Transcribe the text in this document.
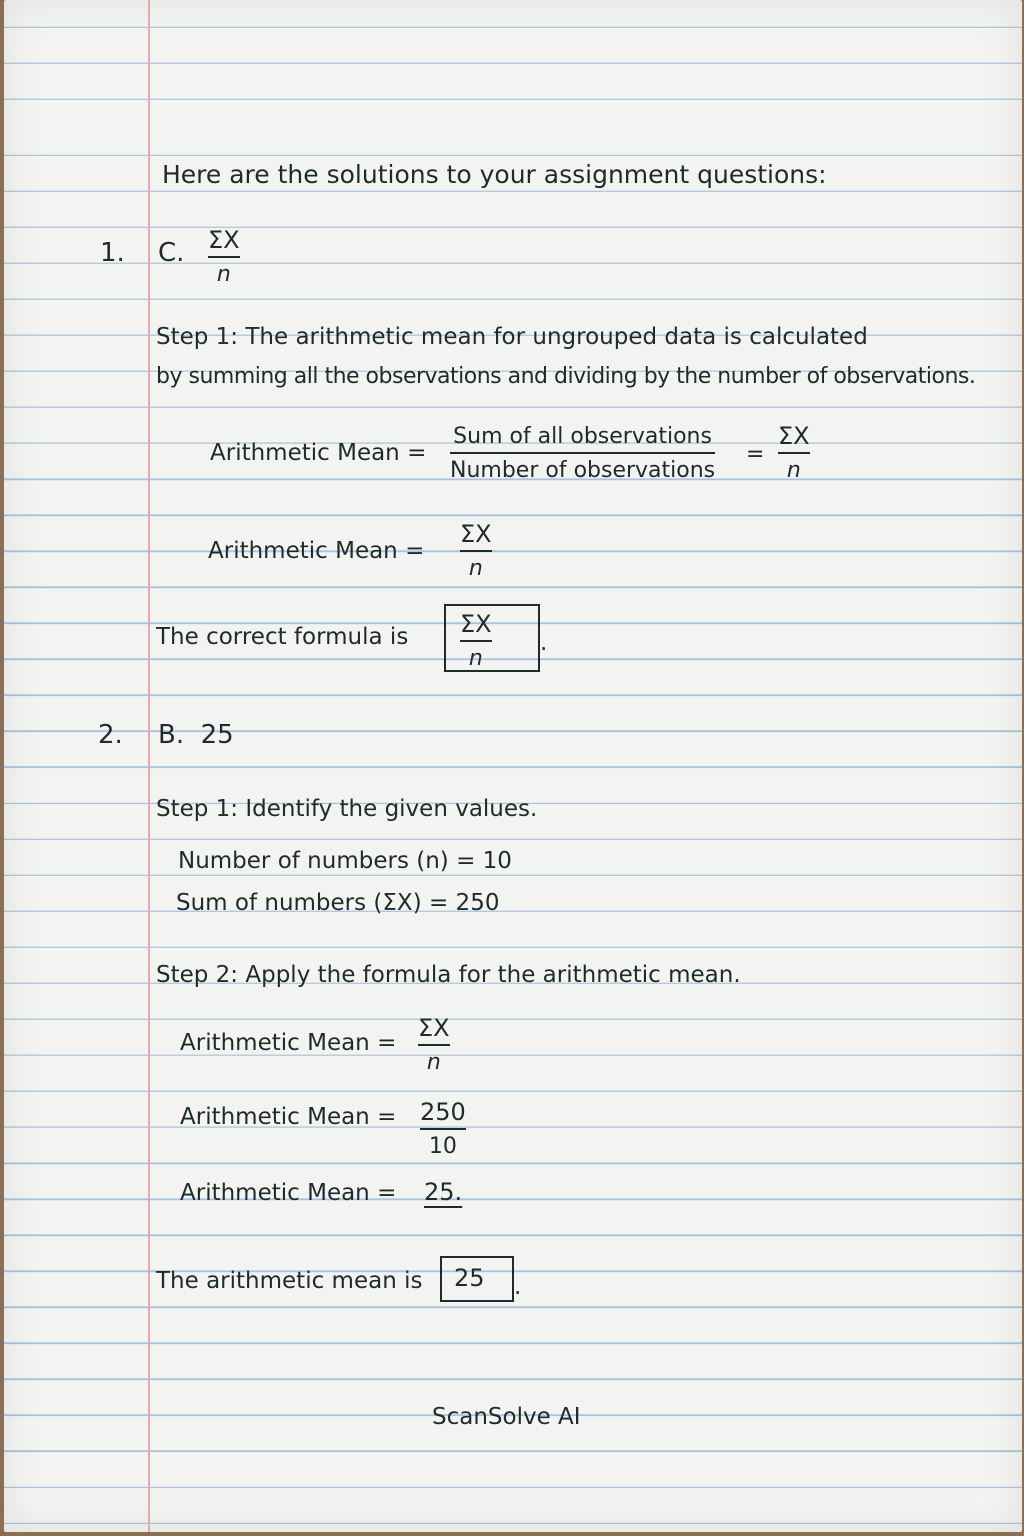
Here are the solutions to your assignment questions:
1. C. ΣX
n
Step 1: The arithmetic mean for ungrouped data is calculated
by summing all the observations and dividing by the number of observations.
Arithmetic Mean =
Sum of all observations
Number of observations
=
ΣX
n
Arithmetic Mean =
ΣX
n
The correct formula is ΣX
n
.
2. B.  25
Step 1: Identify the given values.
Number of numbers (n) = 10
Sum of numbers (ΣX) = 250
Step 2: Apply the formula for the arithmetic mean.
Arithmetic Mean =
ΣX
n
Arithmetic Mean = 250
10
Arithmetic Mean = 25.
The arithmetic mean is 25 .
ScanSolve AI
